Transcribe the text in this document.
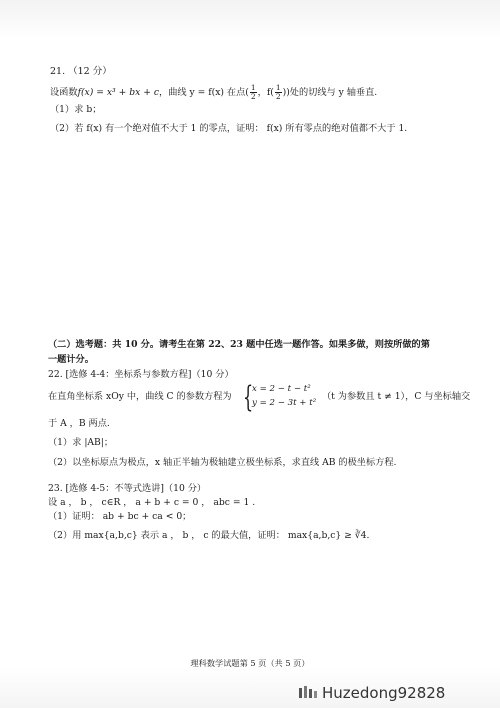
21. （12 分）
设函数f(x) = x³ + bx + c，曲线 y = f(x) 在点( $\frac{1}{2}$ ，$f( \frac{1}{2}$ ))处的切线与 y 轴垂直.
（1）求 b；
（2）若 f(x) 有一个绝对值不大于 1 的零点，证明： f(x) 所有零点的绝对值都不大于 1.
（二）选考题：共 10 分。请考生在第 22、23 题中任选一题作答。如果多做，则按所做的第
一题计分。
22. [选修 4-4：坐标系与参数方程]（10 分）
在直角坐标系 xOy 中，曲线 C 的参数方程为 {
x = 2 − t − t²
y = 2 − 3t + t²
（t 为参数且 t ≠ 1），C 与坐标轴交
于 A ，B 两点.
（1）求 |AB|；
（2）以坐标原点为极点，x 轴正半轴为极轴建立极坐标系，求直线 AB 的极坐标方程.
23. [选修 4-5：不等式选讲]（10 分）
设 a ， b ， c∈R ， a + b + c = 0 ， abc = 1 .
（1）证明： ab + bc + ca < 0；
（2）用 max{a,b,c} 表示 a ， b ， c 的最大值，证明： max{a,b,c} ≥ ∛4.
理科数学试题第 5 页（共 5 页）
Huzedong92828
